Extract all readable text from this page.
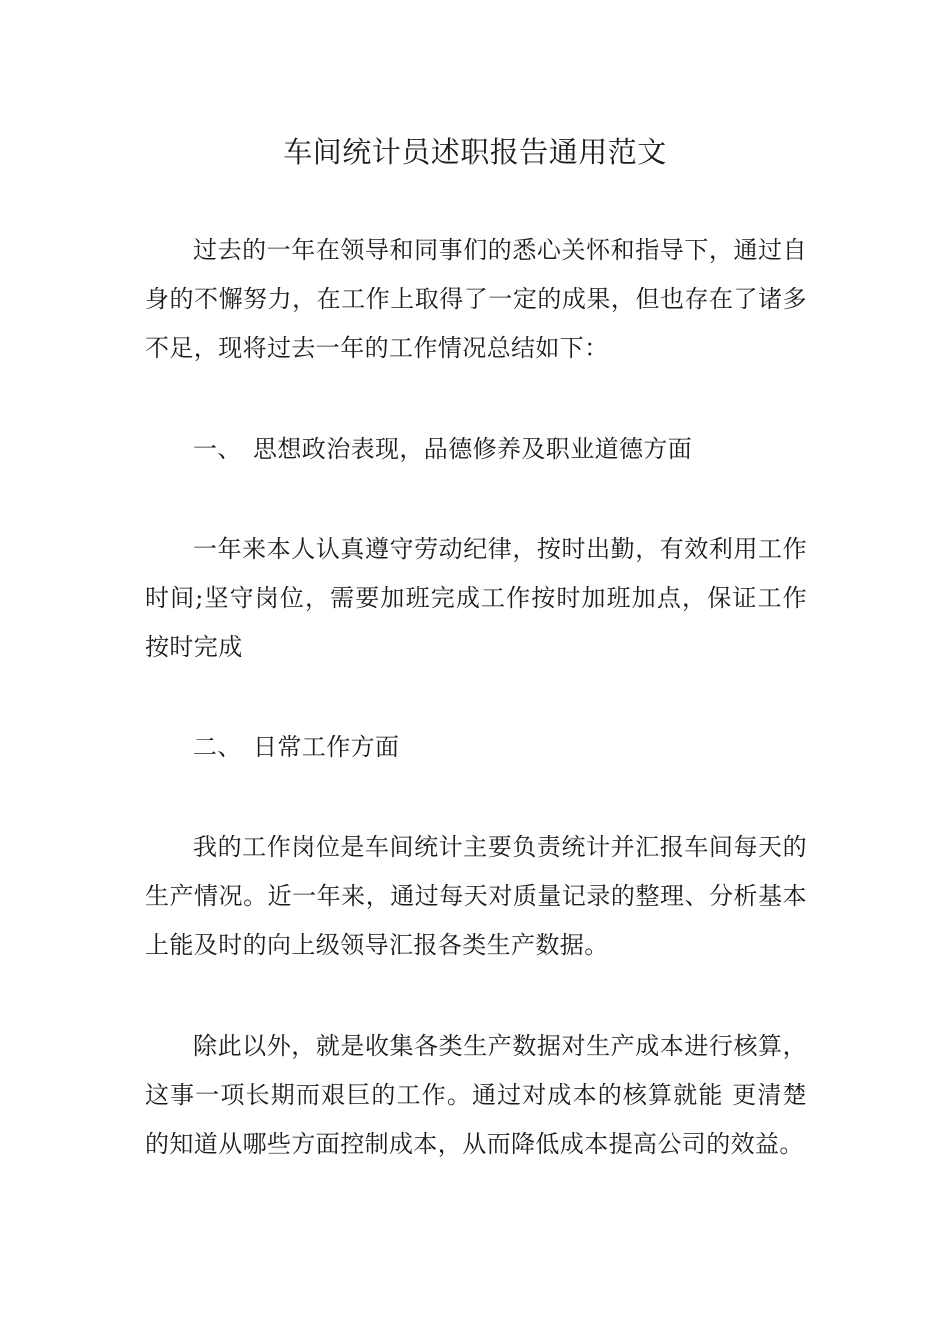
车间统计员述职报告通用范文

过去的一年在领导和同事们的悉心关怀和指导下，通过自身的不懈努力，在工作上取得了一定的成果，但也存在了诸多不足，现将过去一年的工作情况总结如下：

一、 思想政治表现，品德修养及职业道德方面

一年来本人认真遵守劳动纪律，按时出勤，有效利用工作时间;坚守岗位，需要加班完成工作按时加班加点，保证工作按时完成

二、 日常工作方面

我的工作岗位是车间统计主要负责统计并汇报车间每天的生产情况。近一年来，通过每天对质量记录的整理、分析基本上能及时的向上级领导汇报各类生产数据。

除此以外，就是收集各类生产数据对生产成本进行核算，这事一项长期而艰巨的工作。通过对成本的核算就能 更清楚的知道从哪些方面控制成本，从而降低成本提高公司的效益。
